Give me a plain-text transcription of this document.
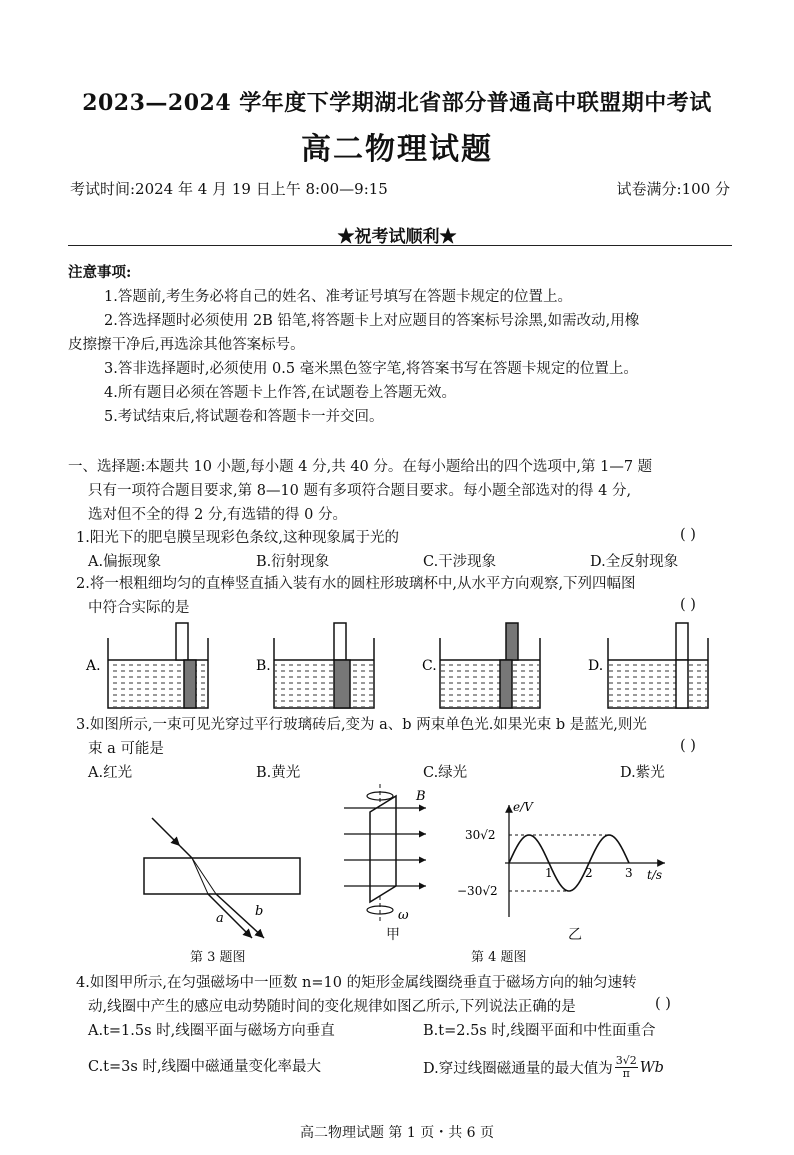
2023—2024 学年度下学期湖北省部分普通高中联盟期中考试
高二物理试题
考试时间:2024 年 4 月 19 日上午 8:00—9:15	试卷满分:100 分
★祝考试顺利★
注意事项:
1.答题前,考生务必将自己的姓名、准考证号填写在答题卡规定的位置上。
2.答选择题时必须使用 2B 铅笔,将答题卡上对应题目的答案标号涂黑,如需改动,用橡
皮擦擦干净后,再选涂其他答案标号。
3.答非选择题时,必须使用 0.5 毫米黑色签字笔,将答案书写在答题卡规定的位置上。
4.所有题目必须在答题卡上作答,在试题卷上答题无效。
5.考试结束后,将试题卷和答题卡一并交回。
一、选择题:本题共 10 小题,每小题 4 分,共 40 分。在每小题给出的四个选项中,第 1—7 题
只有一项符合题目要求,第 8—10 题有多项符合题目要求。每小题全部选对的得 4 分,
选对但不全的得 2 分,有选错的得 0 分。
1.阳光下的肥皂膜呈现彩色条纹,这种现象属于光的	( )
A.偏振现象	B.衍射现象	C.干涉现象	D.全反射现象
2.将一根粗细均匀的直棒竖直插入装有水的圆柱形玻璃杯中,从水平方向观察,下列四幅图
中符合实际的是	( )
A.	B.	C.	D.
3.如图所示,一束可见光穿过平行玻璃砖后,变为 a、b 两束单色光.如果光束 b 是蓝光,则光
束 a 可能是	( )
A.红光	B.黄光	C.绿光	D.紫光
a b
第 3 题图
B
ω
甲
e/V
t/s
30√2
−30√2
1	2	3
第 4 题图
乙
4.如图甲所示,在匀强磁场中一匝数 n=10 的矩形金属线圈绕垂直于磁场方向的轴匀速转
动,线圈中产生的感应电动势随时间的变化规律如图乙所示,下列说法正确的是	( )
A.t=1.5s 时,线圈平面与磁场方向垂直	B.t=2.5s 时,线圈平面和中性面重合
C.t=3s 时,线圈中磁通量变化率最大	D.穿过线圈磁通量的最大值为 $\frac{3√2}{\pi}$ Wb
高二物理试题 第 1 页・共 6 页
